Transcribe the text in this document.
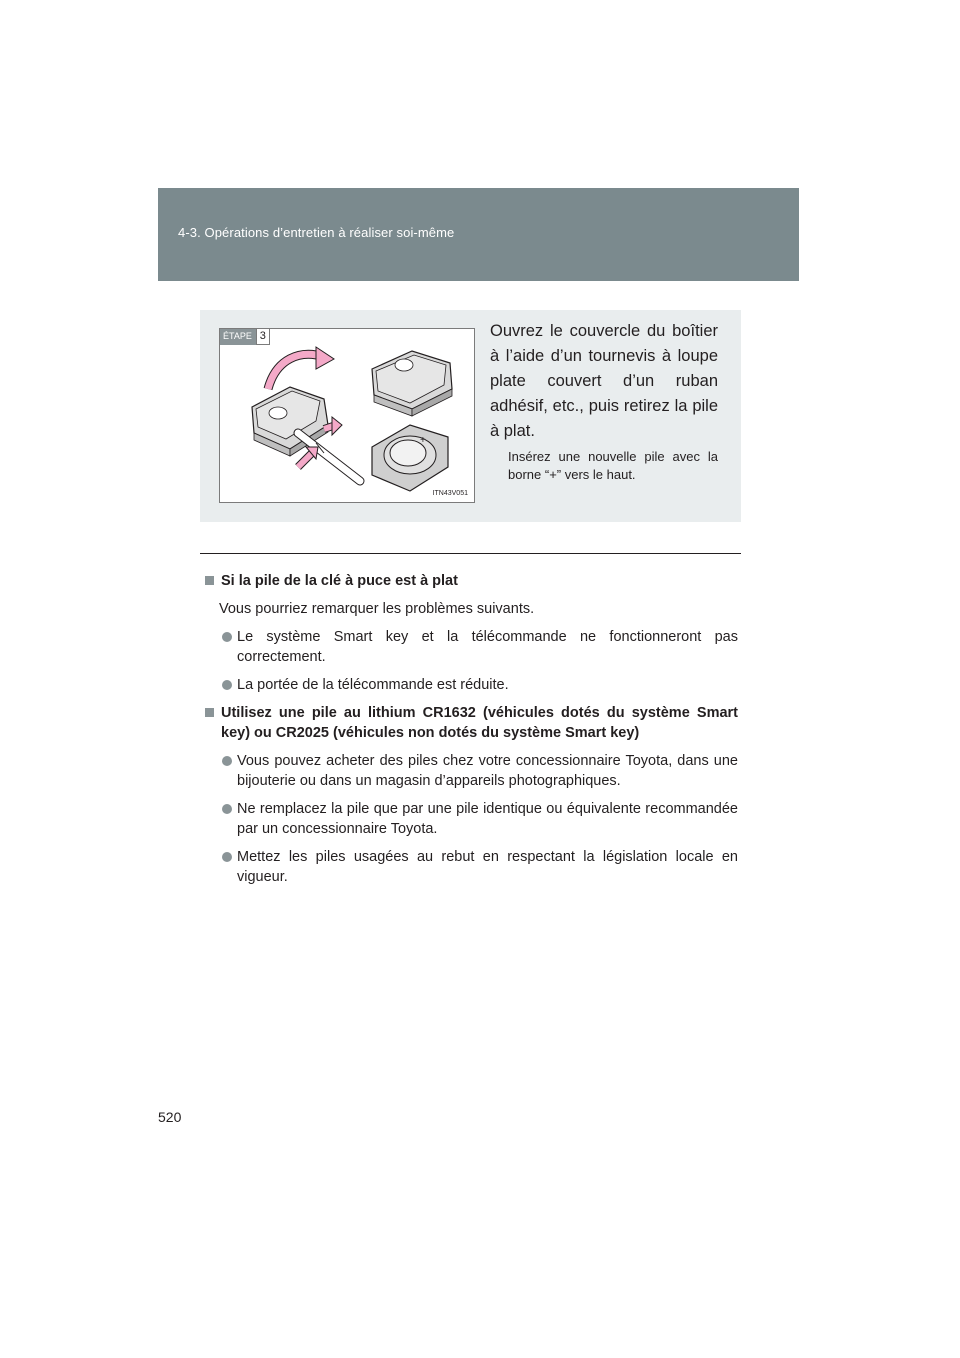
4-3. Opérations d’entretien à réaliser soi-même
+
ÉTAPE 3
ITN43V051
Ouvrez le couvercle du boîtier à l’aide d’un tournevis à loupe plate couvert d’un ruban adhésif, etc., puis retirez la pile à plat.
Insérez une nouvelle pile avec la borne “+” vers le haut.
Si la pile de la clé à puce est à plat
Vous pourriez remarquer les problèmes suivants.
Le système Smart key et la télécommande ne fonctionneront pas correctement.
La portée de la télécommande est réduite.
Utilisez une pile au lithium CR1632 (véhicules dotés du système Smart key) ou CR2025 (véhicules non dotés du système Smart key)
Vous pouvez acheter des piles chez votre concessionnaire Toyota, dans une bijouterie ou dans un magasin d’appareils photographiques.
Ne remplacez la pile que par une pile identique ou équivalente recommandée par un concessionnaire Toyota.
Mettez les piles usagées au rebut en respectant la législation locale en vigueur.
520
